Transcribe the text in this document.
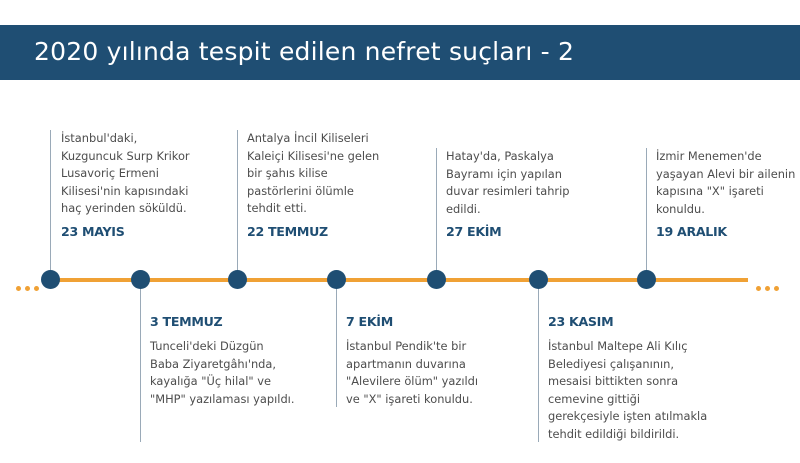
2020 yılında tespit edilen nefret suçları - 2
İstanbul'daki,
Kuzguncuk Surp Krikor
Lusavoriç Ermeni
Kilisesi'nin kapısındaki
haç yerinden söküldü.
23 MAYIS
Antalya İncil Kiliseleri
Kaleiçi Kilisesi'ne gelen
bir şahıs kilise
pastörlerini ölümle
tehdit etti.
22 TEMMUZ
Hatay'da, Paskalya
Bayramı için yapılan
duvar resimleri tahrip
edildi.
27 EKİM
İzmir Menemen'de
yaşayan Alevi bir ailenin
kapısına "X" işareti
konuldu.
19 ARALIK
3 TEMMUZ
Tunceli'deki Düzgün
Baba Ziyaretgâhı'nda,
kayalığa "Üç hilal" ve
"MHP" yazılaması yapıldı.
7 EKİM
İstanbul Pendik'te bir
apartmanın duvarına
"Alevilere ölüm" yazıldı
ve "X" işareti konuldu.
23 KASIM
İstanbul Maltepe Ali Kılıç
Belediyesi çalışanının,
mesaisi bittikten sonra
cemevine gittiği
gerekçesiyle işten atılmakla
tehdit edildiği bildirildi.
